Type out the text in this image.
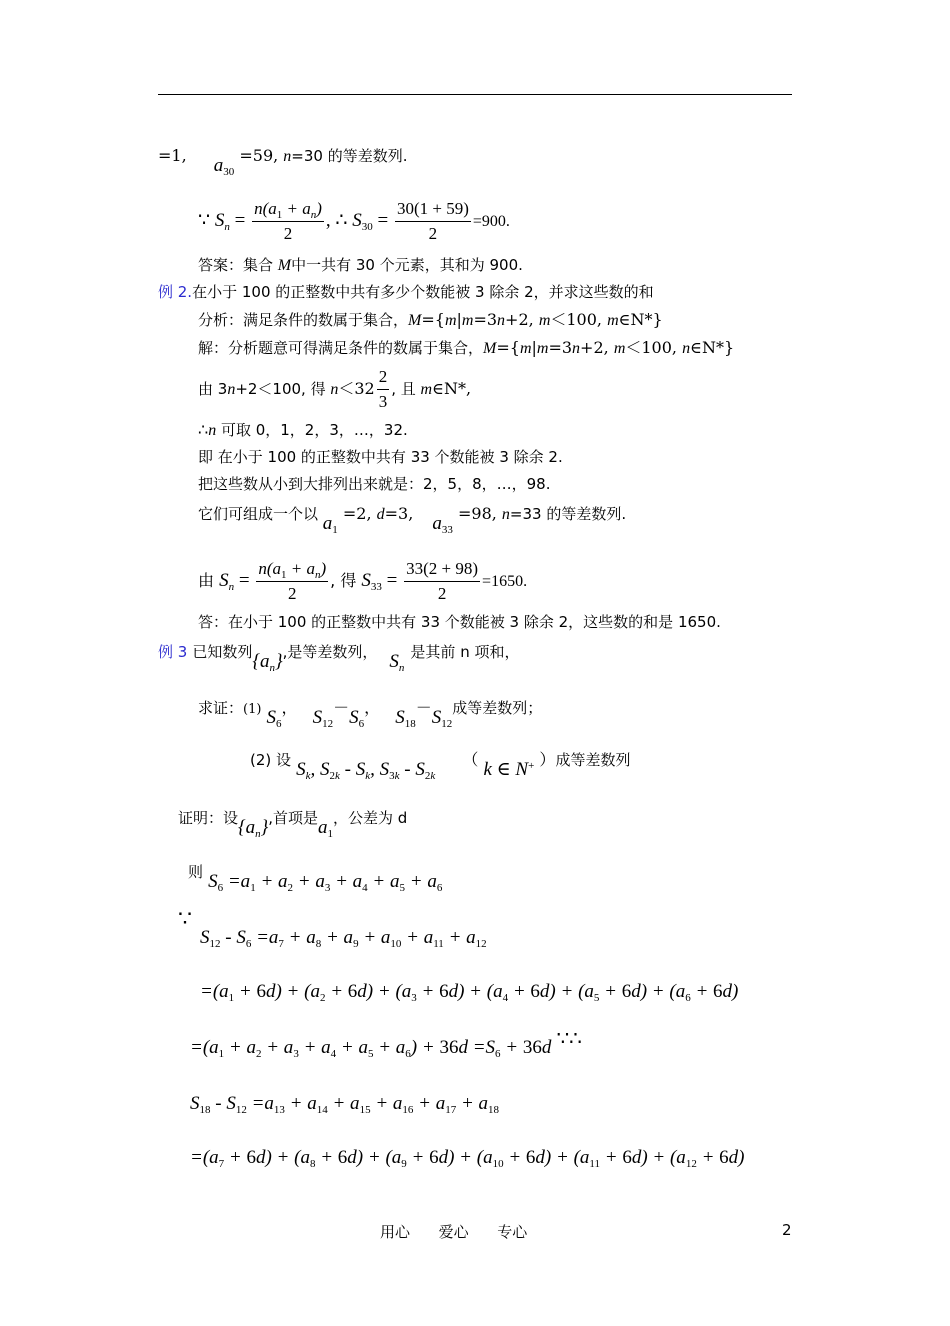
=1, $a_{30} =59$, n=30 的等差数列.
∵ $S_n = \frac{n(a_1 + a_n)}{2}$ , ∴ $S_{30} = \frac{30(1 + 59)}{2} =900$.
答案：集合 M中一共有 30 个元素，其和为 900.
例 2.在小于 100 的正整数中共有多少个数能被 3 除余 2，并求这些数的和
分析：满足条件的数属于集合，M={m|m=3n+2, m＜100, m∈N*}
解：分析题意可得满足条件的数属于集合，M={m|m=3n+2, m＜100, n∈N*}
由 3n+2＜100, 得 $n<32 \frac{2}{3}$ , 且 m∈N*,
∴n 可取 0，1，2，3，…，32.
即 在小于 100 的正整数中共有 33 个数能被 3 除余 2.
把这些数从小到大排列出来就是：2，5，8，…，98.
它们可组成一个以 $a_1 =2$, d=3, $a_{33} =98$, n=33 的等差数列.
由 $S_n = \frac{n(a_1 + a_n)}{2}$ , 得 $S_{33} = \frac{33(2 + 98)}{2} =1650$.
答：在小于 100 的正整数中共有 33 个数能被 3 除余 2，这些数的和是 1650.
例 3 已知数列$\{a_n\}$,是等差数列， $S_n$是其前 n 项和，
求证：(1) $S_6$， $S_{12}-S_6$， $S_{18}-S_{12}$成等差数列；
(2) 设 $S_k$, $S_{2k} - S_k$, $S_{3k} - S_{2k}$ （ k ∈ N+ ）成等差数列
证明：设$\{a_n\}$,首项是$a_1$，公差为 d
则 $S_6 =a_1 + a_2 + a_3 + a_4 + a_5 + a_6$
∵
$S_{12} - S_6 =a_7 + a_8 + a_9 + a_{10} + a_{11} + a_{12}$
$=(a_1 + 6d) + (a_2 + 6d) + (a_3 + 6d) + (a_4 + 6d) + (a_5 + 6d) + (a_6 + 6d)$
$=(a_1 + a_2 + a_3 + a_4 + a_5 + a_6) + 36d =S_6 + 36d$ ∵∴
$S_{18} - S_{12} =a_{13} + a_{14} + a_{15} + a_{16} + a_{17} + a_{18}$
$=(a_7 + 6d) + (a_8 + 6d) + (a_9 + 6d) + (a_{10} + 6d) + (a_{11} + 6d) + (a_{12} + 6d)$
用心      爱心      专心	2
